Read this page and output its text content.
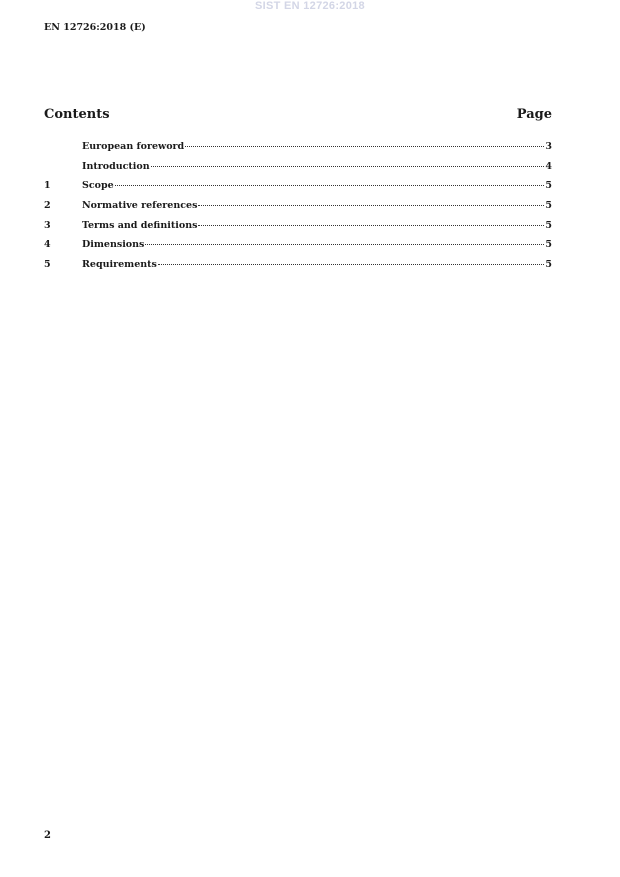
SIST EN 12726:2018
EN 12726:2018 (E)
Contents	Page
European foreword	3
Introduction	4
1	Scope	5
2	Normative references	5
3	Terms and definitions	5
4	Dimensions	5
5	Requirements	5
2
